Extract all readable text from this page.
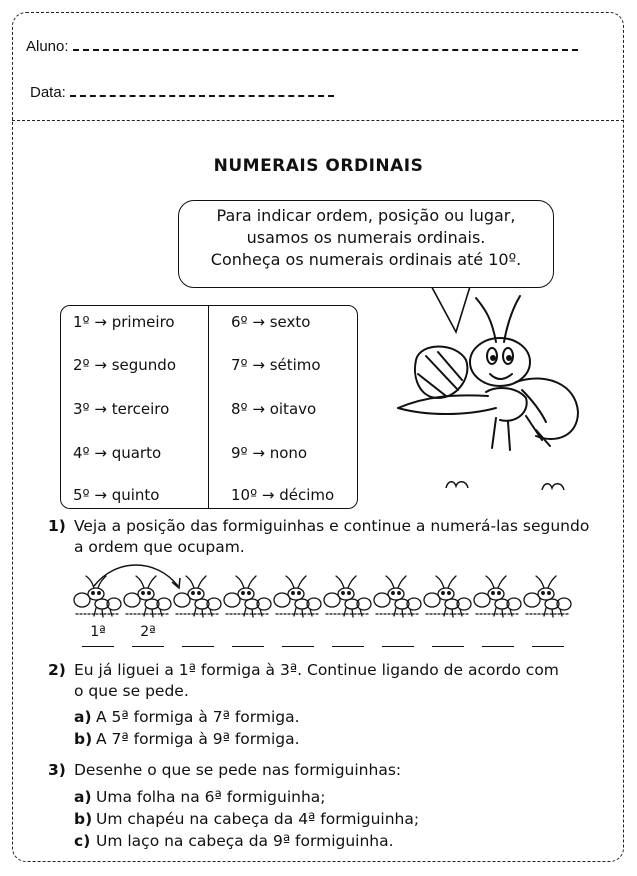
Aluno:
Data:
NUMERAIS ORDINAIS
Para indicar ordem, posição ou lugar,
usamos os numerais ordinais.
Conheça os numerais ordinais até 10º.
1º → primeiro
2º → segundo
3º → terceiro
4º → quarto
5º → quinto
6º → sexto
7º → sétimo
8º → oitavo
9º → nono
10º → décimo
1) Veja a posição das formiguinhas e continue a numerá-las segundo
a ordem que ocupam.
1ª	2ª
2) Eu já liguei a 1ª formiga à 3ª. Continue ligando de acordo com
o que se pede.
a) A 5ª formiga à 7ª formiga.
b) A 7ª formiga à 9ª formiga.
3) Desenhe o que se pede nas formiguinhas:
a) Uma folha na 6ª formiguinha;
b) Um chapéu na cabeça da 4ª formiguinha;
c) Um laço na cabeça da 9ª formiguinha.
